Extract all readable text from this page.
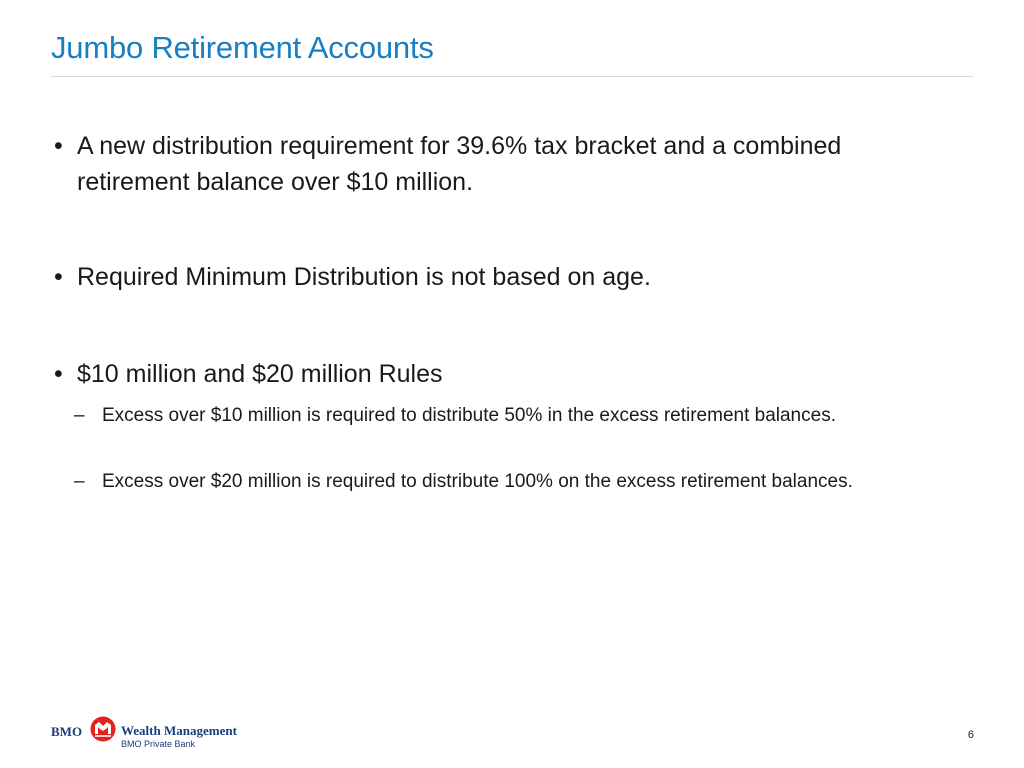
Jumbo Retirement Accounts
• A new distribution requirement for 39.6% tax bracket and a combined retirement balance over $10 million.
• Required Minimum Distribution is not based on age.
• $10 million and $20 million Rules
– Excess over $10 million is required to distribute 50% in the excess retirement balances.
– Excess over $20 million is required to distribute 100% on the excess retirement balances.
BMO	Wealth Management
BMO Private Bank
6
